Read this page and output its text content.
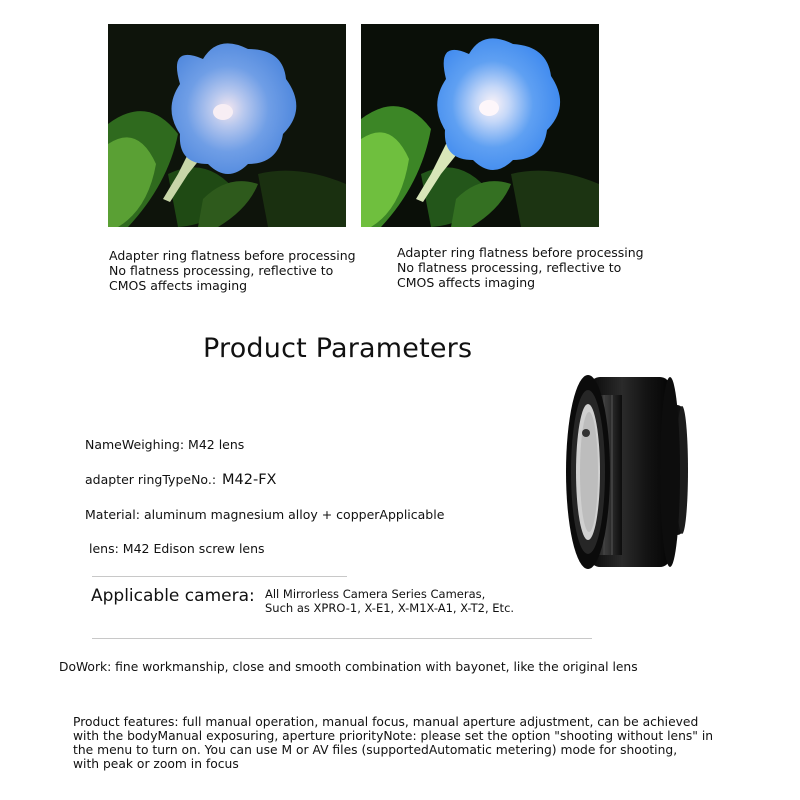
Adapter ring flatness before processing
No flatness processing, reflective to
CMOS affects imaging
Adapter ring flatness before processing
No flatness processing, reflective to
CMOS affects imaging
Product Parameters
NameWeighing: M42 lens
adapter ringTypeNo.: M42-FX
Material: aluminum magnesium alloy + copperApplicable
lens: M42 Edison screw lens
Applicable camera: All Mirrorless Camera Series Cameras,
Such as XPRO-1, X-E1, X-M1X-A1, X-T2, Etc.
DoWork: fine workmanship, close and smooth combination with bayonet, like the original lens
Product features: full manual operation, manual focus, manual aperture adjustment, can be achieved
with the bodyManual exposuring, aperture priorityNote: please set the option "shooting without lens" in
the menu to turn on. You can use M or AV files (supportedAutomatic metering) mode for shooting,
with peak or zoom in focus
